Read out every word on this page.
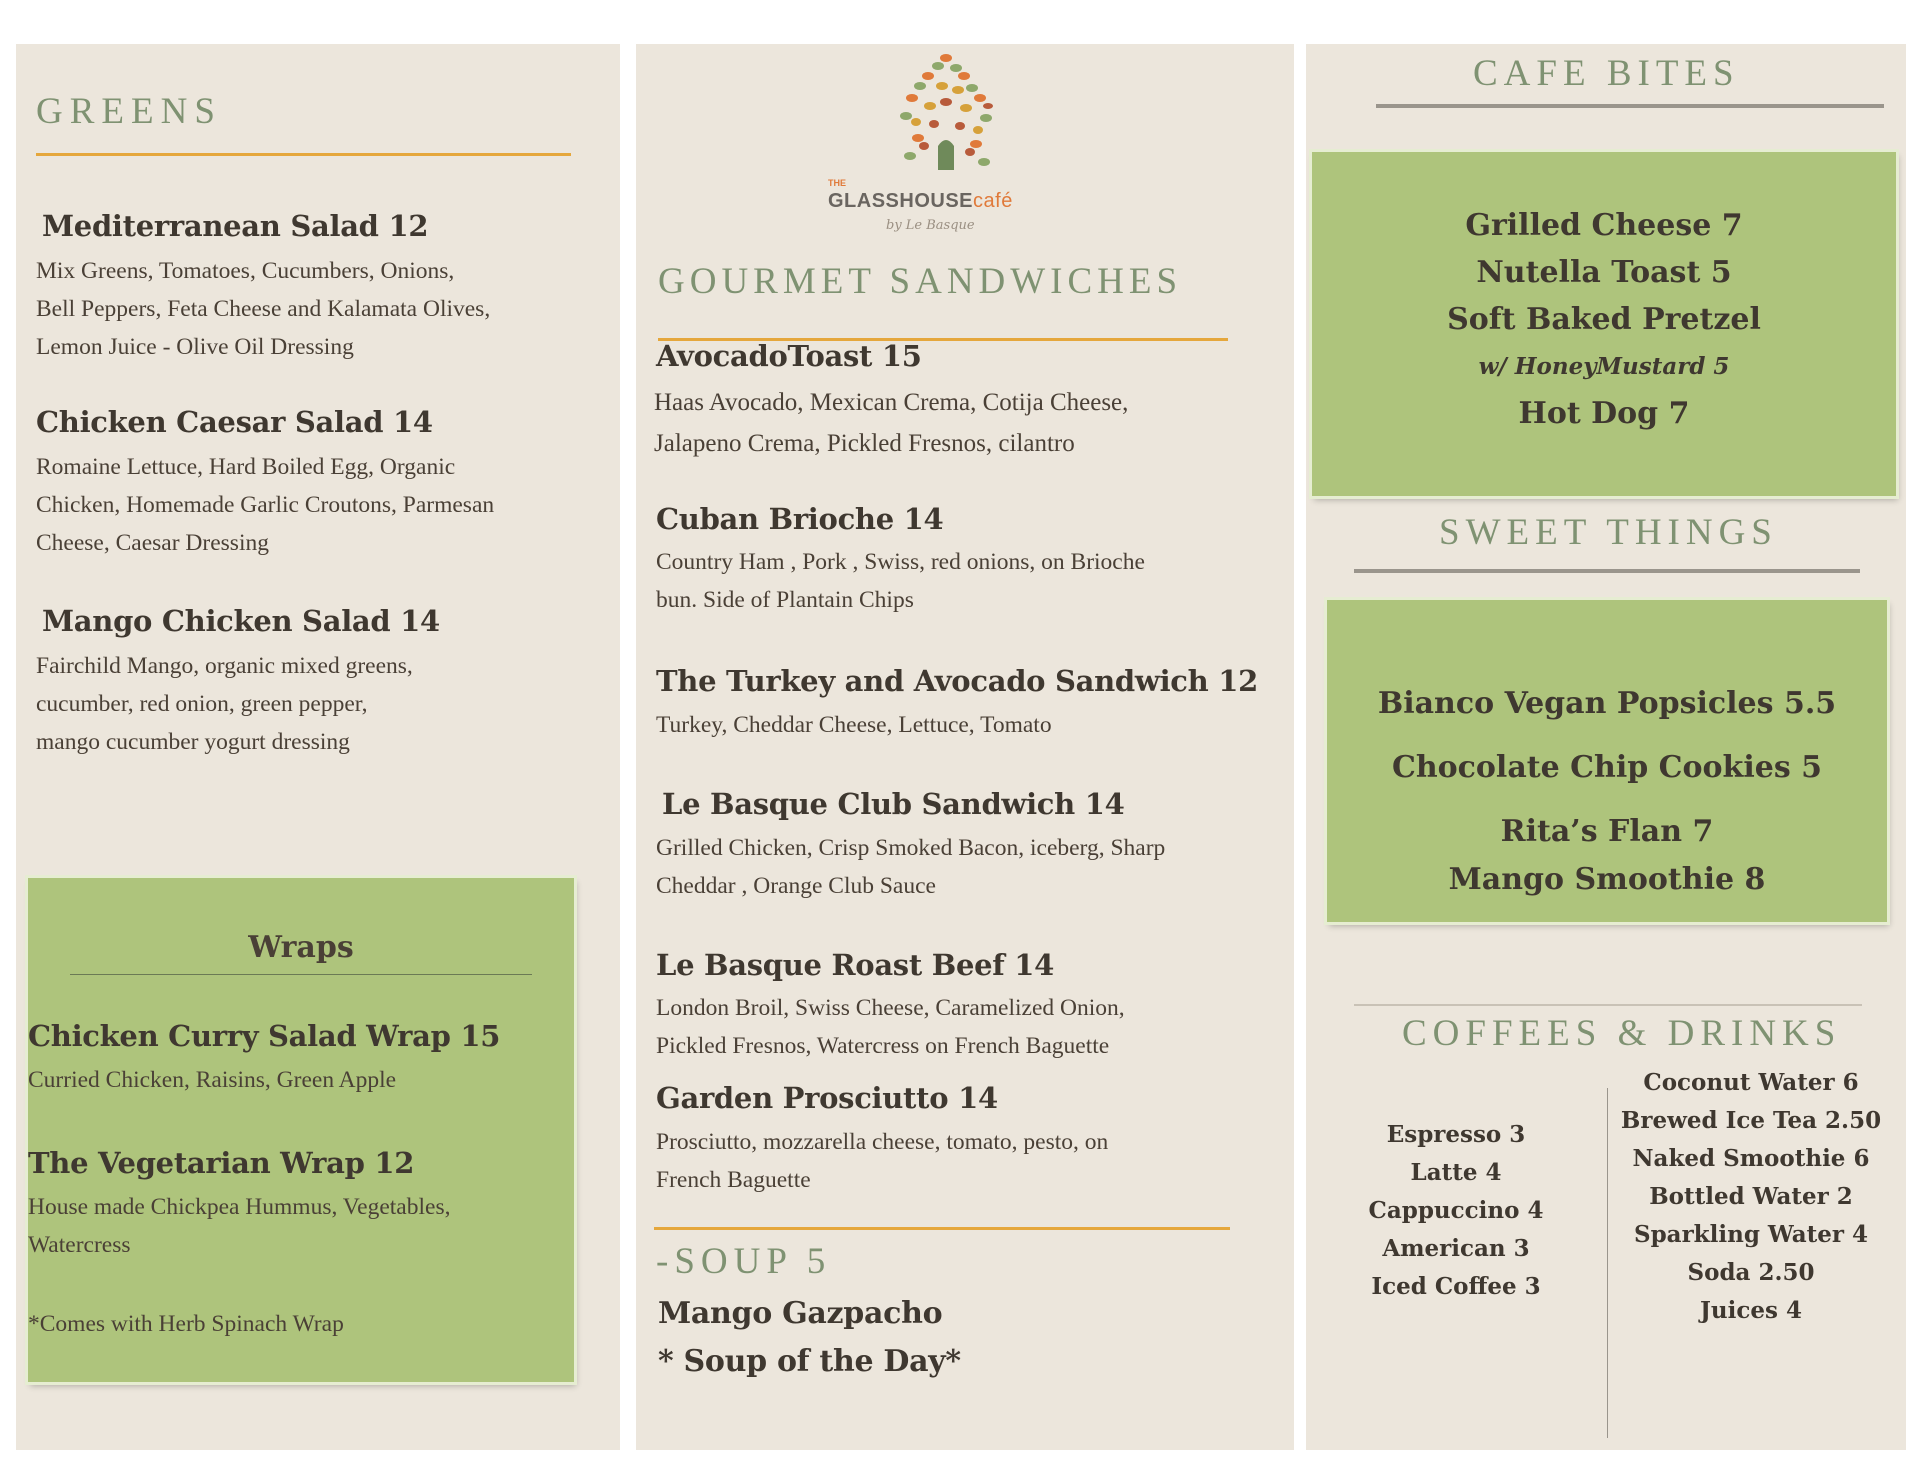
GREENS
Mediterranean Salad 12
Mix Greens, Tomatoes, Cucumbers, Onions,
Bell Peppers, Feta Cheese and Kalamata Olives,
Lemon Juice - Olive Oil Dressing
Chicken Caesar Salad 14
Romaine Lettuce, Hard Boiled Egg, Organic
Chicken, Homemade Garlic Croutons, Parmesan
Cheese, Caesar Dressing
Mango Chicken Salad 14
Fairchild Mango, organic mixed greens,
cucumber, red onion, green pepper,
mango cucumber yogurt dressing
Wraps
Chicken Curry Salad Wrap 15
Curried Chicken, Raisins, Green Apple
The Vegetarian Wrap 12
House made Chickpea Hummus, Vegetables,
Watercress
*Comes with Herb Spinach Wrap
THE
GLASSHOUSEcafé
by Le Basque
GOURMET SANDWICHES
AvocadoToast 15
Haas Avocado, Mexican Crema, Cotija Cheese,
Jalapeno Crema, Pickled Fresnos, cilantro
Cuban Brioche 14
Country Ham , Pork , Swiss, red onions, on Brioche
bun. Side of Plantain Chips
The Turkey and Avocado Sandwich 12
Turkey, Cheddar Cheese, Lettuce, Tomato
Le Basque Club Sandwich 14
Grilled Chicken, Crisp Smoked Bacon, iceberg, Sharp
Cheddar , Orange Club Sauce
Le Basque Roast Beef 14
London Broil, Swiss Cheese, Caramelized Onion,
Pickled Fresnos, Watercress on French Baguette
Garden Prosciutto 14
Prosciutto, mozzarella cheese, tomato, pesto, on
French Baguette
-SOUP 5
Mango Gazpacho
* Soup of the Day*
CAFE BITES
Grilled Cheese 7
Nutella Toast 5
Soft Baked Pretzel
w/ HoneyMustard 5
Hot Dog 7
SWEET THINGS
Bianco Vegan Popsicles 5.5
Chocolate Chip Cookies 5
Rita’s Flan 7
Mango Smoothie 8
COFFEES & DRINKS
Espresso 3
Latte 4
Cappuccino 4
American 3
Iced Coffee 3
Coconut Water 6
Brewed Ice Tea 2.50
Naked Smoothie 6
Bottled Water 2
Sparkling Water 4
Soda 2.50
Juices 4
